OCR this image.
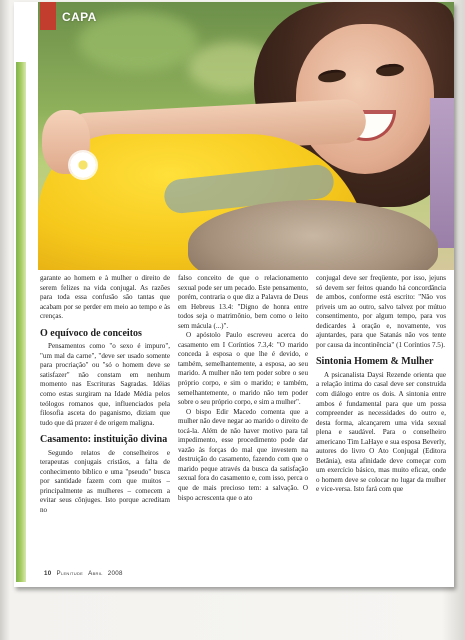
CAPA

garante ao homem e à mulher o direito de serem felizes na vida conjugal. As razões para toda essa confusão são tantas que acabam por se perder em meio ao tempo e às crenças.

O equívoco de conceitos

Pensamentos como "o sexo é impuro", "um mal da carne", "deve ser usado somente para procriação" ou "só o homem deve se satisfazer" não constam em nenhum momento nas Escrituras Sagradas. Idéias como estas surgiram na Idade Média pelos teólogos romanos que, influenciados pela filosofia asceta do paganismo, diziam que tudo que dá prazer é de origem maligna.

Casamento: instituição divina

Segundo relatos de conselheiros e terapeutas conjugais cristãos, a falta de conhecimento bíblico e uma "pseudo" busca por santidade fazem com que muitos – principalmente as mulheres – comecem a evitar seus cônjuges. Isto porque acreditam no

falso conceito de que o relacionamento sexual pode ser um pecado. Este pensamento, porém, contraria o que diz a Palavra de Deus em Hebreus 13.4: "Digno de honra entre todos seja o matrimônio, bem como o leito sem mácula (...)".

O apóstolo Paulo escreveu acerca do casamento em I Coríntios 7.3,4: "O marido conceda à esposa o que lhe é devido, e também, semelhantemente, a esposa, ao seu marido. A mulher não tem poder sobre o seu próprio corpo, e sim o marido; e também, semelhantemente, o marido não tem poder sobre o seu próprio corpo, e sim a mulher".

O bispo Edir Macedo comenta que a mulher não deve negar ao marido o direito de tocá-la. Além de não haver motivo para tal impedimento, esse procedimento pode dar vazão às forças do mal que investem na destruição do casamento, fazendo com que o marido peque através da busca da satisfação sexual fora do casamento e, com isso, perca o que de mais precioso tem: a salvação. O bispo acrescenta que o ato

conjugal deve ser freqüente, por isso, jejuns só devem ser feitos quando há concordância de ambos, conforme está escrito: "Não vos priveis um ao outro, salvo talvez por mútuo consentimento, por algum tempo, para vos dedicardes à oração e, novamente, vos ajuntardes, para que Satanás não vos tente por causa da incontinência" (1 Coríntios 7.5).

Sintonia Homem & Mulher

A psicanalista Daysi Rezende orienta que a relação íntima do casal deve ser construída com diálogo entre os dois. A sintonia entre ambos é fundamental para que um possa compreender as necessidades do outro e, desta forma, alcançarem uma vida sexual plena e saudável. Para o conselheiro americano Tim LaHaye e sua esposa Beverly, autores do livro O Ato Conjugal (Editora Betânia), esta afinidade deve começar com um exercício básico, mas muito eficaz, onde o homem deve se colocar no lugar da mulher e vice-versa. Isto fará com que

10 Plenitude Abril 2008
